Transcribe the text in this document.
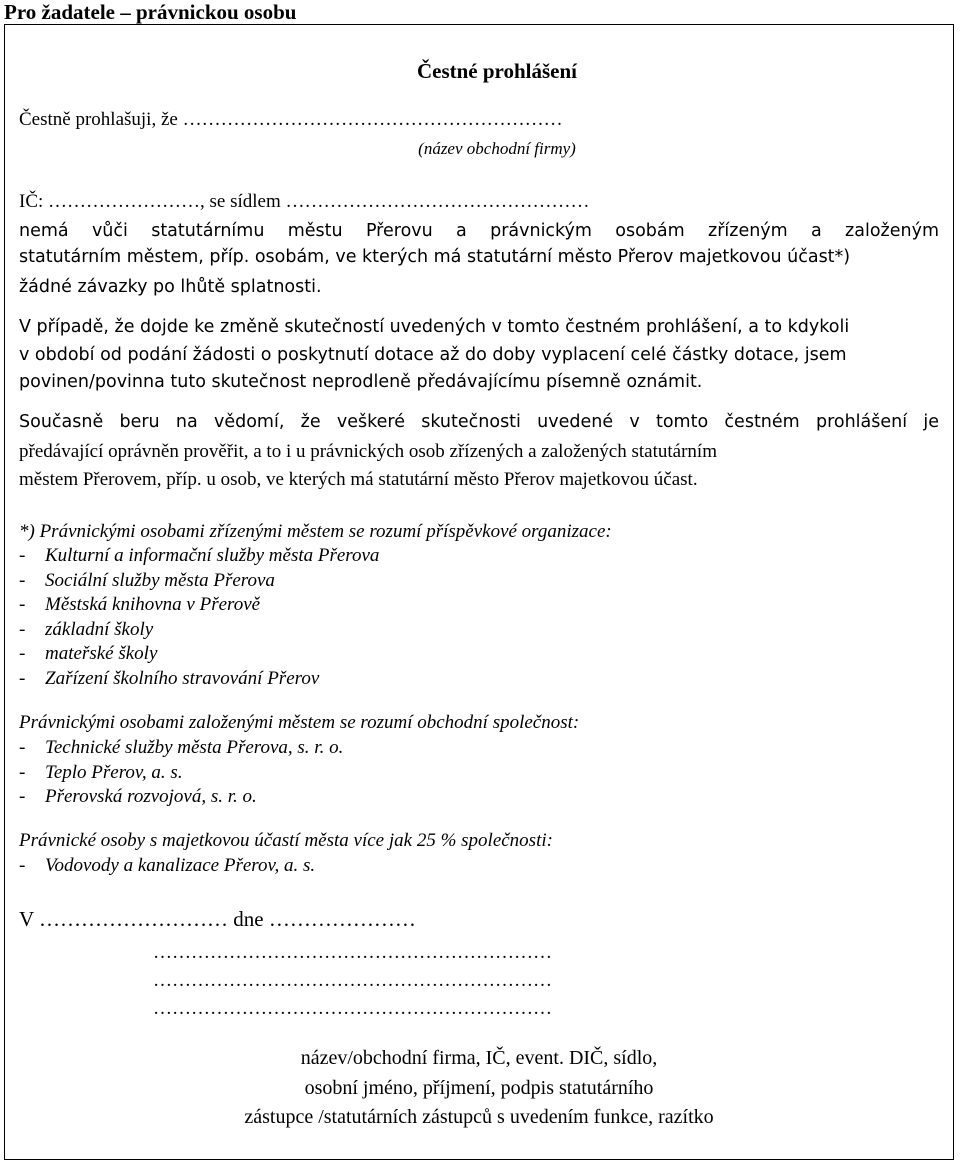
Pro žadatele – právnickou osobu
Čestné prohlášení
Čestně prohlašuji, že ……………………………………………………
(název obchodní firmy)
IČ: ……………………, se sídlem …………………………………………
nemá vůči statutárnímu městu Přerovu a právnickým osobám zřízeným a založeným
statutárním městem, příp. osobám, ve kterých má statutární město Přerov majetkovou účast*)
žádné závazky po lhůtě splatnosti.
V případě, že dojde ke změně skutečností uvedených v tomto čestném prohlášení, a to kdykoli
v období od podání žádosti o poskytnutí dotace až do doby vyplacení celé částky dotace, jsem
povinen/povinna tuto skutečnost neprodleně předávajícímu písemně oznámit.
Současně beru na vědomí, že veškeré skutečnosti uvedené v tomto čestném prohlášení je
předávající oprávněn prověřit, a to i u právnických osob zřízených a založených statutárním
městem Přerovem, příp. u osob, ve kterých má statutární město Přerov majetkovou účast.
*) Právnickými osobami zřízenými městem se rozumí příspěvkové organizace:
- Kulturní a informační služby města Přerova
- Sociální služby města Přerova
- Městská knihovna v Přerově
- základní školy
- mateřské školy
- Zařízení školního stravování Přerov
Právnickými osobami založenými městem se rozumí obchodní společnost:
- Technické služby města Přerova, s. r. o.
- Teplo Přerov, a. s.
- Přerovská rozvojová, s. r. o.
Právnické osoby s majetkovou účastí města více jak 25 % společnosti:
- Vodovody a kanalizace Přerov, a. s.
V ……………………… dne …………………
………………………………………………………
………………………………………………………
………………………………………………………
název/obchodní firma, IČ, event. DIČ, sídlo,
osobní jméno, příjmení, podpis statutárního
zástupce /statutárních zástupců s uvedením funkce, razítko
